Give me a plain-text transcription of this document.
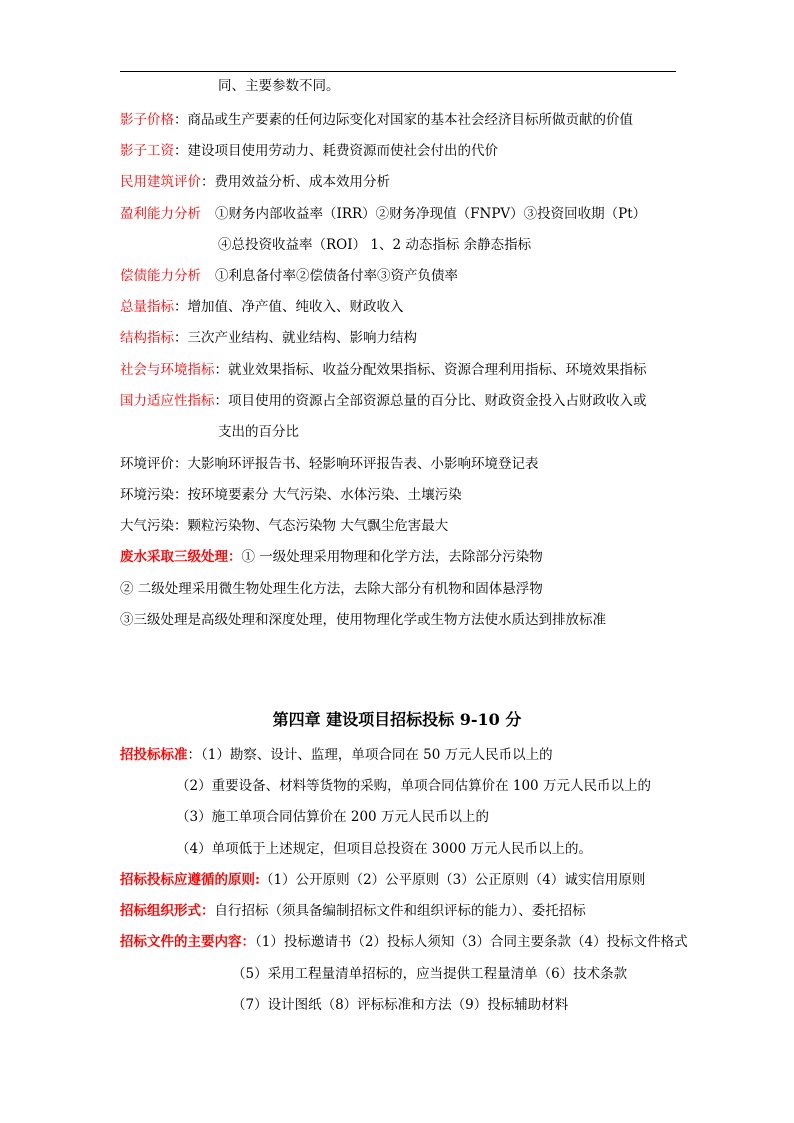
同、主要参数不同。
影子价格：商品或生产要素的任何边际变化对国家的基本社会经济目标所做贡献的价值
影子工资：建设项目使用劳动力、耗费资源而使社会付出的代价
民用建筑评价：费用效益分析、成本效用分析
盈利能力分析 ①财务内部收益率（IRR）②财务净现值（FNPV）③投资回收期（Pt）
④总投资收益率（ROI） 1、2 动态指标 余静态指标
偿债能力分析 ①利息备付率②偿债备付率③资产负债率
总量指标：增加值、净产值、纯收入、财政收入
结构指标：三次产业结构、就业结构、影响力结构
社会与环境指标：就业效果指标、收益分配效果指标、资源合理利用指标、环境效果指标
国力适应性指标：项目使用的资源占全部资源总量的百分比、财政资金投入占财政收入或
支出的百分比
环境评价：大影响环评报告书、轻影响环评报告表、小影响环境登记表
环境污染：按环境要素分 大气污染、水体污染、土壤污染
大气污染：颗粒污染物、气态污染物 大气飘尘危害最大
废水采取三级处理：① 一级处理采用物理和化学方法，去除部分污染物
② 二级处理采用微生物处理生化方法，去除大部分有机物和固体悬浮物
③三级处理是高级处理和深度处理，使用物理化学或生物方法使水质达到排放标准
第四章 建设项目招标投标 9-10 分
招投标标准：（1）勘察、设计、监理，单项合同在 50 万元人民币以上的
（2）重要设备、材料等货物的采购，单项合同估算价在 100 万元人民币以上的
（3）施工单项合同估算价在 200 万元人民币以上的
（4）单项低于上述规定，但项目总投资在 3000 万元人民币以上的。
招标投标应遵循的原则:（1）公开原则（2）公平原则（3）公正原则（4）诚实信用原则
招标组织形式：自行招标（须具备编制招标文件和组织评标的能力）、委托招标
招标文件的主要内容：（1）投标邀请书（2）投标人须知（3）合同主要条款（4）投标文件格式
（5）采用工程量清单招标的，应当提供工程量清单（6）技术条款
（7）设计图纸（8）评标标准和方法（9）投标辅助材料
